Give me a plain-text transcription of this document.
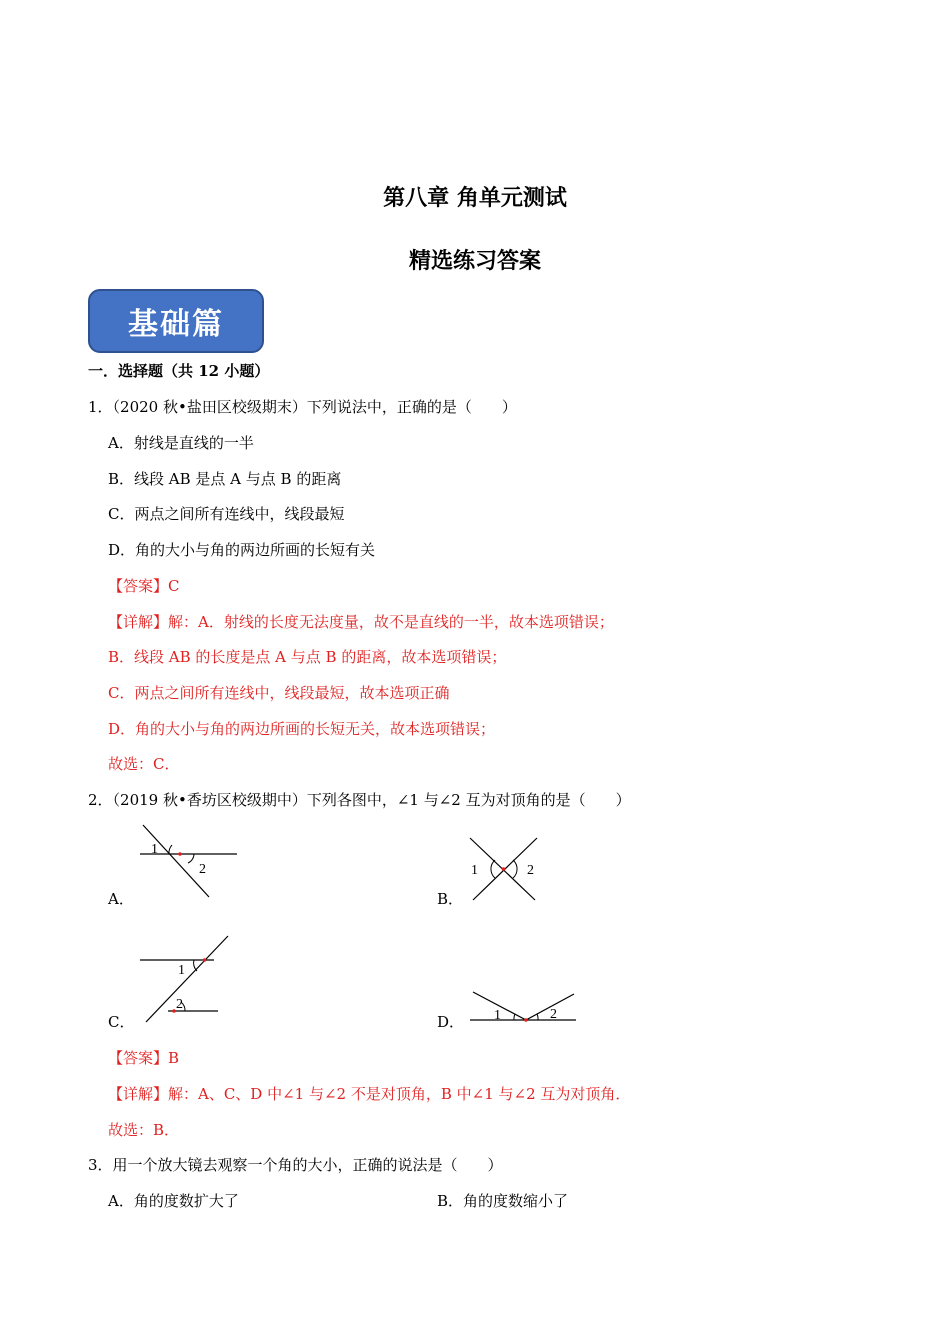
第八章 角单元测试
精选练习答案
基础篇
一．选择题（共 12 小题）
1．（2020 秋•盐田区校级期末）下列说法中，正确的是（　　）
A．射线是直线的一半
B．线段 AB 是点 A 与点 B 的距离
C．两点之间所有连线中，线段最短
D．角的大小与角的两边所画的长短有关
【答案】C
【详解】解：A．射线的长度无法度量，故不是直线的一半，故本选项错误；
B．线段 AB 的长度是点 A 与点 B 的距离，故本选项错误；
C．两点之间所有连线中，线段最短，故本选项正确
D．角的大小与角的两边所画的长短无关，故本选项错误；
故选：C．
2．（2019 秋•香坊区校级期中）下列各图中，∠1 与∠2 互为对顶角的是（　　）
1
2
A．
1	2
B．
1
2
C．	1	2
D．
【答案】B
【详解】解：A、C、D 中∠1 与∠2 不是对顶角，B 中∠1 与∠2 互为对顶角．
故选：B．
3．用一个放大镜去观察一个角的大小，正确的说法是（　　）
A．角的度数扩大了	B．角的度数缩小了
